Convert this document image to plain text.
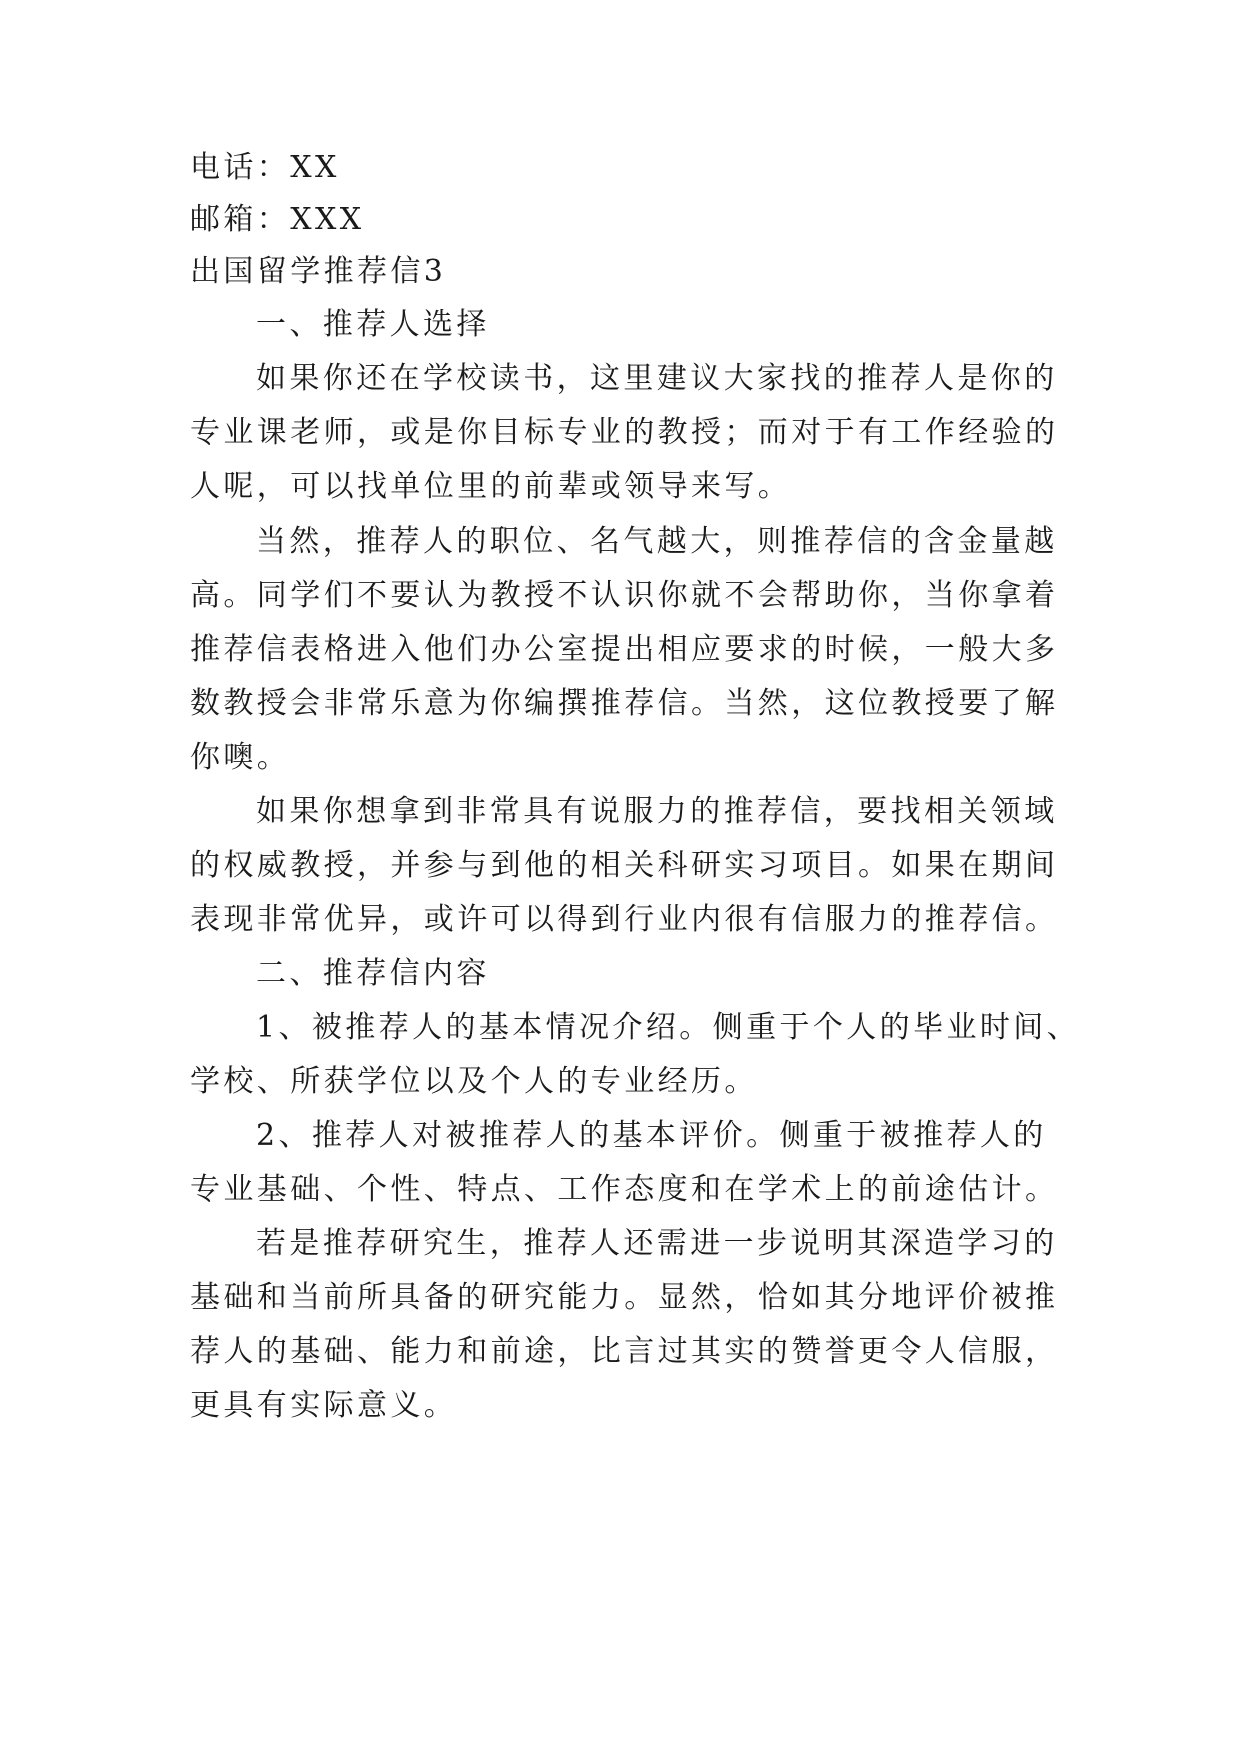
电话：XX
邮箱：XXX
出国留学推荐信3
一、推荐人选择
如果你还在学校读书，这里建议大家找的推荐人是你的
专业课老师，或是你目标专业的教授；而对于有工作经验的
人呢，可以找单位里的前辈或领导来写。
当然，推荐人的职位、名气越大，则推荐信的含金量越
高。同学们不要认为教授不认识你就不会帮助你，当你拿着
推荐信表格进入他们办公室提出相应要求的时候，一般大多
数教授会非常乐意为你编撰推荐信。当然，这位教授要了解
你噢。
如果你想拿到非常具有说服力的推荐信，要找相关领域
的权威教授，并参与到他的相关科研实习项目。如果在期间
表现非常优异，或许可以得到行业内很有信服力的推荐信。
二、推荐信内容
1、被推荐人的基本情况介绍。侧重于个人的毕业时间、
学校、所获学位以及个人的专业经历。
2、推荐人对被推荐人的基本评价。侧重于被推荐人的
专业基础、个性、特点、工作态度和在学术上的前途估计。
若是推荐研究生，推荐人还需进一步说明其深造学习的
基础和当前所具备的研究能力。显然，恰如其分地评价被推
荐人的基础、能力和前途，比言过其实的赞誉更令人信服，
更具有实际意义。
